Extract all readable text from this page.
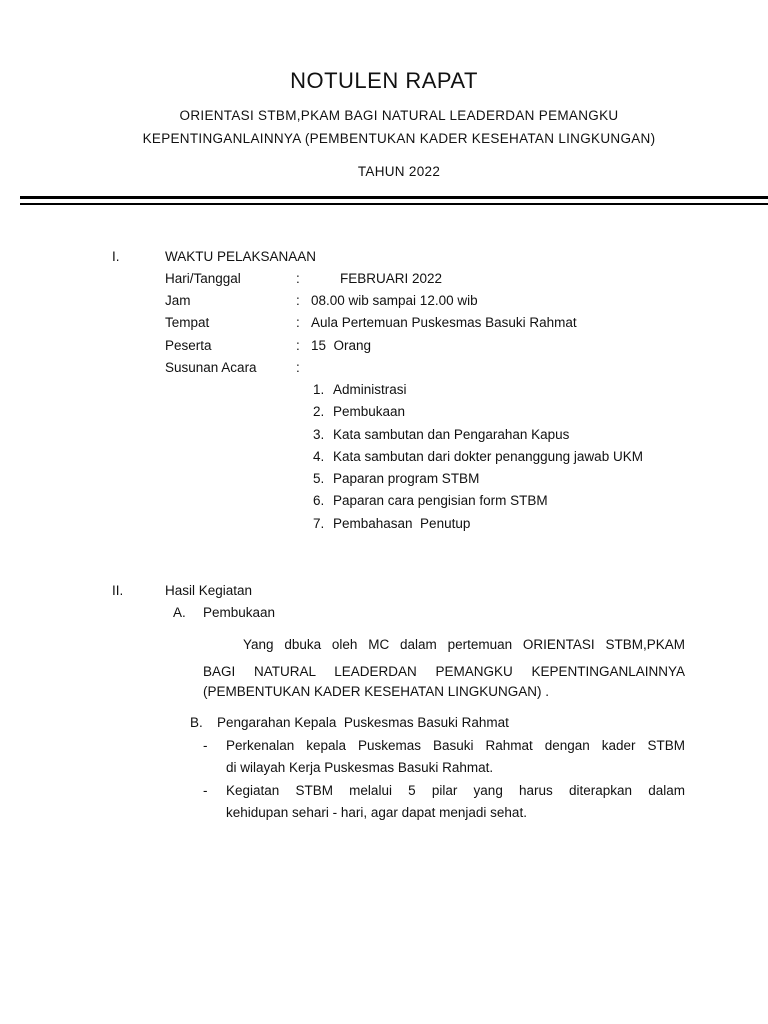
NOTULEN RAPAT
ORIENTASI STBM,PKAM BAGI NATURAL LEADERDAN PEMANGKU
KEPENTINGANLAINNYA (PEMBENTUKAN KADER KESEHATAN LINGKUNGAN)
TAHUN 2022
I.	WAKTU PELAKSANAAN
Hari/Tanggal	:	FEBRUARI 2022
Jam	: 08.00 wib sampai 12.00 wib
Tempat	: Aula Pertemuan Puskesmas Basuki Rahmat
Peserta	: 15  Orang
Susunan Acara	:
1. Administrasi
2. Pembukaan
3. Kata sambutan dan Pengarahan Kapus
4. Kata sambutan dari dokter penanggung jawab UKM
5. Paparan program STBM
6. Paparan cara pengisian form STBM
7. Pembahasan  Penutup
II.	Hasil Kegiatan
A. Pembukaan
Yang dbuka oleh MC dalam pertemuan ORIENTASI STBM,PKAM
BAGI NATURAL LEADERDAN PEMANGKU KEPENTINGANLAINNYA
(PEMBENTUKAN KADER KESEHATAN LINGKUNGAN) .
B. Pengarahan Kepala  Puskesmas Basuki Rahmat
- Perkenalan kepala Puskemas Basuki Rahmat dengan kader STBM
di wilayah Kerja Puskesmas Basuki Rahmat.
- Kegiatan STBM melalui 5 pilar yang harus diterapkan dalam
kehidupan sehari - hari, agar dapat menjadi sehat.
